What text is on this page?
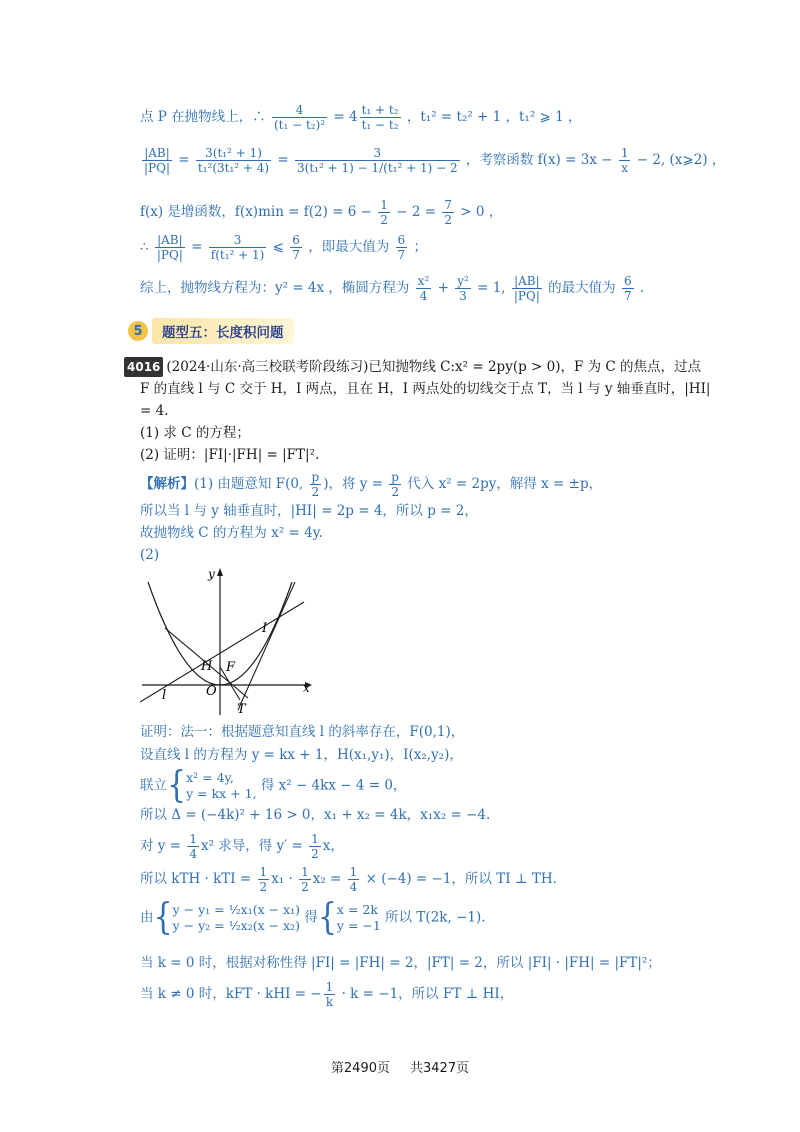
点 P 在抛物线上，∴ $\frac{4}{\text{(t₁ − t₂)²}} = 4 \frac{\text{t₁ + t₂}}{\text{t₁ − t₂}}$ ，t₁² = t₂² + 1 ，t₁² ⩾ 1 ，
$\frac{|AB|}{|PQ|} = \frac{\text{3(t₁² + 1)}}{\text{t₁²(3t₁² + 4)}} = \frac{3}{\text{3(t₁² + 1) − 1/(t₁² + 1) − 2}}$ ，考察函数 $f(x) = 3x - \frac{1}{x} - 2$, (x⩾2) ，
f(x) 是增函数，$f(x)\min = f(2) = 6 - \frac{1}{2} - 2 = \frac{7}{2} > 0$ ，
∴ $\frac{|AB|}{|PQ|} = \frac{3}{\text{f(t₁² + 1)}}$ ⩽ $\frac{6}{7}$ ，即最大值为 $\frac{6}{7}$ ；
综上，抛物线方程为：y² = 4x ，椭圆方程为 $\frac{\text{x²}}{4} + \frac{\text{y²}}{3} = 1$, $\frac{|AB|}{|PQ|}$ 的最大值为 $\frac{6}{7}$ .
5	题型五：长度积问题
4016 (2024·山东·高三校联考阶段练习)已知抛物线 C:x² = 2py(p > 0)，F 为 C 的焦点，过点
F 的直线 l 与 C 交于 H，I 两点，且在 H，I 两点处的切线交于点 T，当 l 与 y 轴垂直时，|HI|
= 4.
(1) 求 C 的方程；
(2) 证明：|FI|·|FH| = |FT|².
【解析】(1) 由题意知 F(0, $\frac{p}{2}$ )，将 $y = \frac{p}{2}$ 代入 x² = 2py，解得 x = ±p，
所以当 l 与 y 轴垂直时，|HI| = 2p = 4，所以 p = 2，
故抛物线 C 的方程为 x² = 4y.
(2)
y
x
I
H F
O
l
T
证明：法一：根据题意知直线 l 的斜率存在，F(0,1)，
设直线 l 的方程为 y = kx + 1，H(x₁,y₁)，I(x₂,y₂)，
联立{ x² = 4y,
y = kx + 1, 得 x² − 4kx − 4 = 0，
所以 Δ = (−4k)² + 16 > 0，x₁ + x₂ = 4k，x₁x₂ = −4.
对 $y = \frac{1}{4} x^2$ 求导，得 $y' = \frac{1}{2}$ x，
所以 kTH · kTI = $\frac{1}{2} x_1 \cdot \frac{1}{2} x_2 = \frac{1}{4} \times (-4) = -1$，所以 TI ⊥ TH.
由{ y − y₁ = ½x₁(x − x₁)
y − y₂ = ½x₂(x − x₂) 得{ x = 2k
y = −1 所以 T(2k, −1).
当 k = 0 时，根据对称性得 |FI| = |FH| = 2，|FT| = 2，所以 |FI| · |FH| = |FT|²；
当 k ≠ 0 时，kFT · kHI = − $\frac{1}{k} \cdot k = -1$，所以 FT ⊥ HI，
第2490页 共3427页
